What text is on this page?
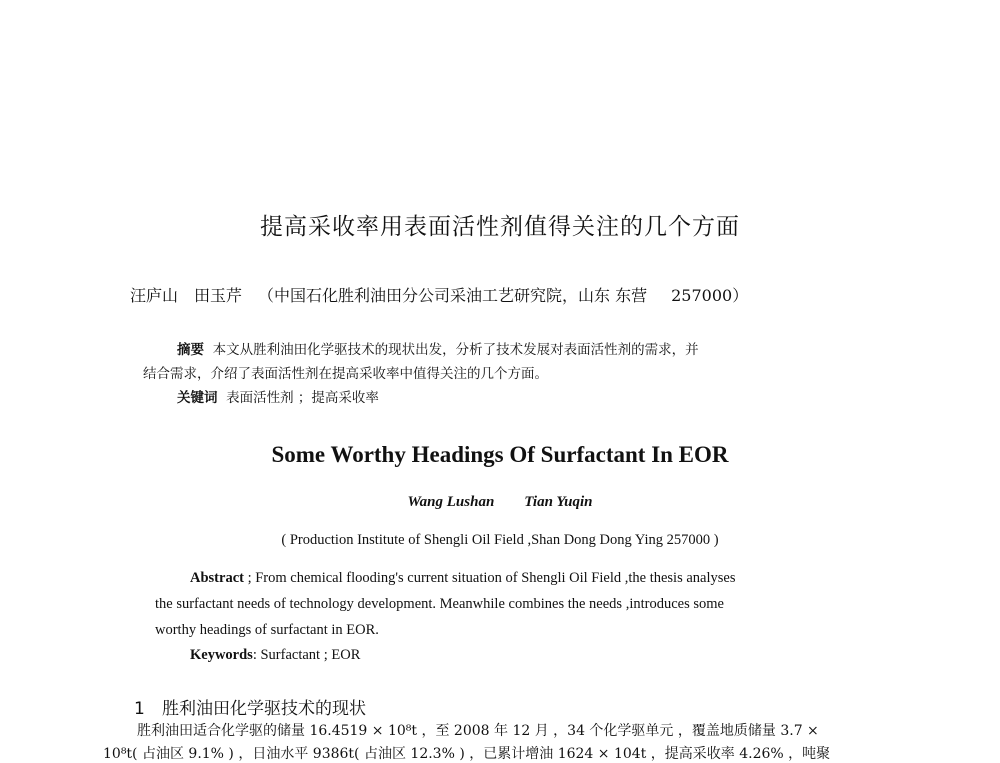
提高采收率用表面活性剂值得关注的几个方面
汪庐山 田玉芹 （中国石化胜利油田分公司采油工艺研究院，山东 东营 257000）
摘要 本文从胜利油田化学驱技术的现状出发，分析了技术发展对表面活性剂的需求，并
结合需求，介绍了表面活性剂在提高采收率中值得关注的几个方面。
关键词 表面活性剂 ；提高采收率
Some Worthy Headings Of Surfactant In EOR
Wang Lushan Tian Yuqin
( Production Institute of Shengli Oil Field ,Shan Dong Dong Ying 257000 )
Abstract ; From chemical flooding's current situation of Shengli Oil Field ,the thesis analyses
the surfactant needs of technology development. Meanwhile combines the needs ,introduces some
worthy headings of surfactant in EOR.
Keywords: Surfactant ; EOR
1 胜利油田化学驱技术的现状
胜利油田适合化学驱的储量 16.4519 × 10⁸t ，至 2008 年 12 月 ，34 个化学驱单元 ，覆盖地质储量 3.7 ×
10⁸t( 占油区 9.1% ) ，日油水平 9386t( 占油区 12.3% ) ，已累计增油 1624 × 104t ，提高采收率 4.26% ，吨聚
